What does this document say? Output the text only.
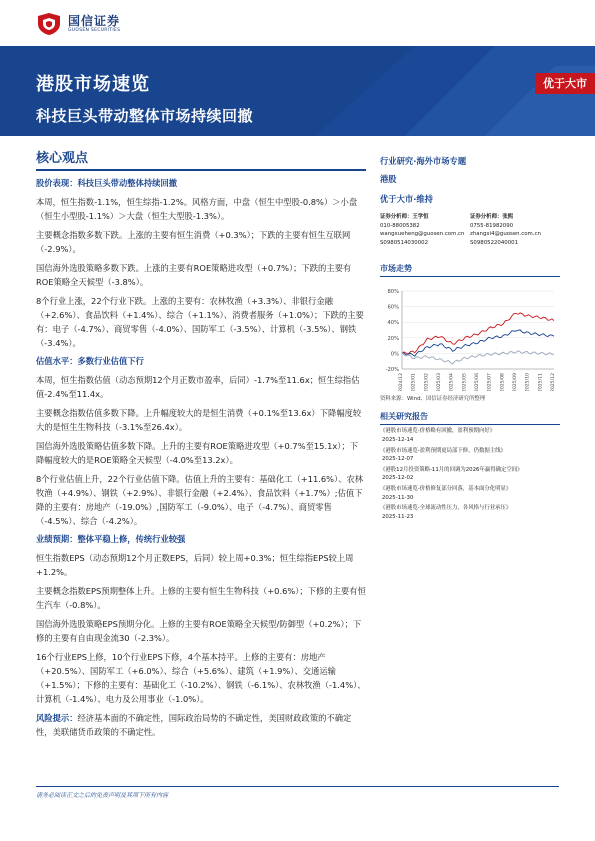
国信证券
GUOSEN SECURITIES
港股市场速览
科技巨头带动整体市场持续回撤
优于大市
核心观点
股价表现：科技巨头带动整体持续回撤
本周，恒生指数-1.1%，恒生综指-1.2%。风格方面，中盘（恒生中型股-0.8%）＞小盘（恒生小型股-1.1%）＞大盘（恒生大型股-1.3%）。
主要概念指数多数下跌。上涨的主要有恒生消费（+0.3%）；下跌的主要有恒生互联网（-2.9%）。
国信海外选股策略多数下跌。上涨的主要有ROE策略进攻型（+0.7%）；下跌的主要有ROE策略全天候型（-3.8%）。
8个行业上涨，22个行业下跌。上涨的主要有：农林牧渔（+3.3%）、非银行金融（+2.6%）、食品饮料（+1.4%）、综合（+1.1%）、消费者服务（+1.0%）；下跌的主要有：电子（-4.7%）、商贸零售（-4.0%）、国防军工（-3.5%）、计算机（-3.5%）、钢铁（-3.4%）。
估值水平：多数行业估值下行
本周，恒生指数估值（动态预期12个月正数市盈率，后同）-1.7%至11.6x；恒生综指估值-2.4%至11.4x。
主要概念指数估值多数下降。上升幅度较大的是恒生消费（+0.1%至13.6x）下降幅度较大的是恒生生物科技（-3.1%至26.4x）。
国信海外选股策略估值多数下降。上升的主要有ROE策略进攻型（+0.7%至15.1x）；下降幅度较大的是ROE策略全天候型（-4.0%至13.2x）。
8个行业估值上升，22个行业估值下降。估值上升的主要有：基础化工（+11.6%）、农林牧渔（+4.9%）、钢铁（+2.9%）、非银行金融（+2.4%）、食品饮料（+1.7%）;估值下降的主要有：房地产（-19.0%）,国防军工（-9.0%）、电子（-4.7%）、商贸零售（-4.5%）、综合（-4.2%）。
业绩预期：整体平稳上修，传统行业较强
恒生指数EPS（动态预期12个月正数EPS，后同）较上周+0.3%；恒生综指EPS较上周+1.2%。
主要概念指数EPS预期整体上升。上修的主要有恒生生物科技（+0.6%）；下修的主要有恒生汽车（-0.8%）。
国信海外选股策略EPS预期分化。上修的主要有ROE策略全天候型/防御型（+0.2%）；下修的主要有自由现金流30（-2.3%）。
16个行业EPS上修，10个行业EPS下修，4个基本持平。上修的主要有：房地产（+20.5%）、国防军工（+6.0%）、综合（+5.6%）、建筑（+1.9%）、交通运输（+1.5%）；下修的主要有：基础化工（-10.2%）、钢铁（-6.1%）、农林牧渔（-1.4%）、计算机（-1.4%）、电力及公用事业（-1.0%）。
风险提示：经济基本面的不确定性，国际政治局势的不确定性，美国财政政策的不确定性，美联储货币政策的不确定性。
行业研究·海外市场专题
港股
优于大市·维持
证券分析师：王学恒
010-88005382
wangxueheng@guosen.com.cn
S0980514030002
证券分析师：张熙
0755-81982090
zhangxi4@guosen.com.cn
S0980522040001
市场走势
-20%
0%
20%
40%
60%
80%
2024/12 2025/01 2025/02 2025/03 2025/04 2025/05 2025/06 2025/07 2025/08 2025/09 2025/10 2025/11 2025/12
资料来源：Wind、国信证券经济研究所整理
相关研究报告
《港股市场速览-价格略有回撤，盈利预期向好》
2025-12-14
《港股市场速览-盈利预期更局部下修，仍数据主线》
2025-12-07
《港股12月投资策略-11月的回调为2026年赢得确定空间》
2025-12-02
《港股市场速览-价格修复部分回落，基本面分化明显》
2025-11-30
《港股市场速览-全球流动性压力，各风格与行业承压》
2025-11-23
请务必阅读正文之后的免责声明及其项下所有内容
